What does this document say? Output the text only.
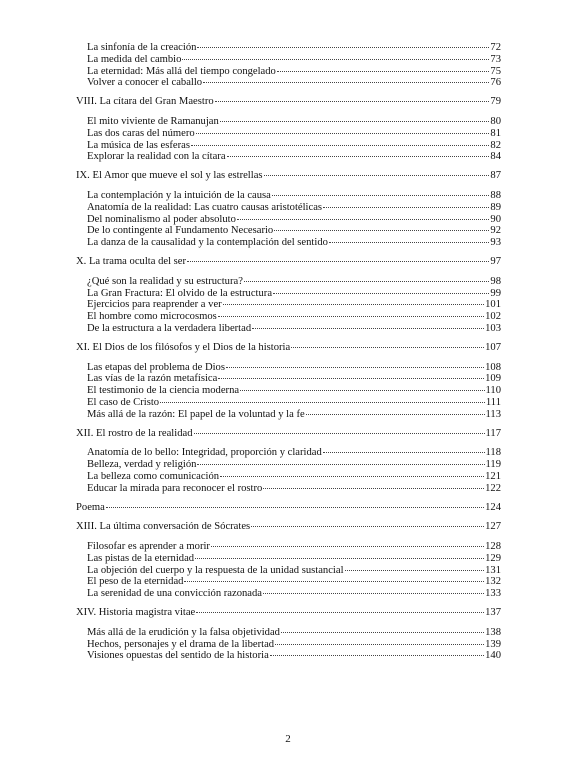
La sinfonía de la creación	72
La medida del cambio	73
La eternidad: Más allá del tiempo congelado	75
Volver a conocer el caballo	76
VIII. La cítara del Gran Maestro	79
El mito viviente de Ramanujan	80
Las dos caras del número	81
La música de las esferas	82
Explorar la realidad con la cítara	84
IX. El Amor que mueve el sol y las estrellas	87
La contemplación y la intuición de la causa	88
Anatomía de la realidad: Las cuatro causas aristotélicas	89
Del nominalismo al poder absoluto	90
De lo contingente al Fundamento Necesario	92
La danza de la causalidad y la contemplación del sentido	93
X. La trama oculta del ser	97
¿Qué son la realidad y su estructura?	98
La Gran Fractura: El olvido de la estructura	99
Ejercicios para reaprender a ver	101
El hombre como microcosmos	102
De la estructura a la verdadera libertad	103
XI. El Dios de los filósofos y el Dios de la historia	107
Las etapas del problema de Dios	108
Las vías de la razón metafísica	109
El testimonio de la ciencia moderna	110
El caso de Cristo	111
Más allá de la razón: El papel de la voluntad y la fe	113
XII. El rostro de la realidad	117
Anatomía de lo bello: Integridad, proporción y claridad	118
Belleza, verdad y religión	119
La belleza como comunicación	121
Educar la mirada para reconocer el rostro	122
Poema	124
XIII. La última conversación de Sócrates	127
Filosofar es aprender a morir	128
Las pistas de la eternidad	129
La objeción del cuerpo y la respuesta de la unidad sustancial	131
El peso de la eternidad	132
La serenidad de una convicción razonada	133
XIV. Historia magistra vitae	137
Más allá de la erudición y la falsa objetividad	138
Hechos, personajes y el drama de la libertad	139
Visiones opuestas del sentido de la historia	140
2
